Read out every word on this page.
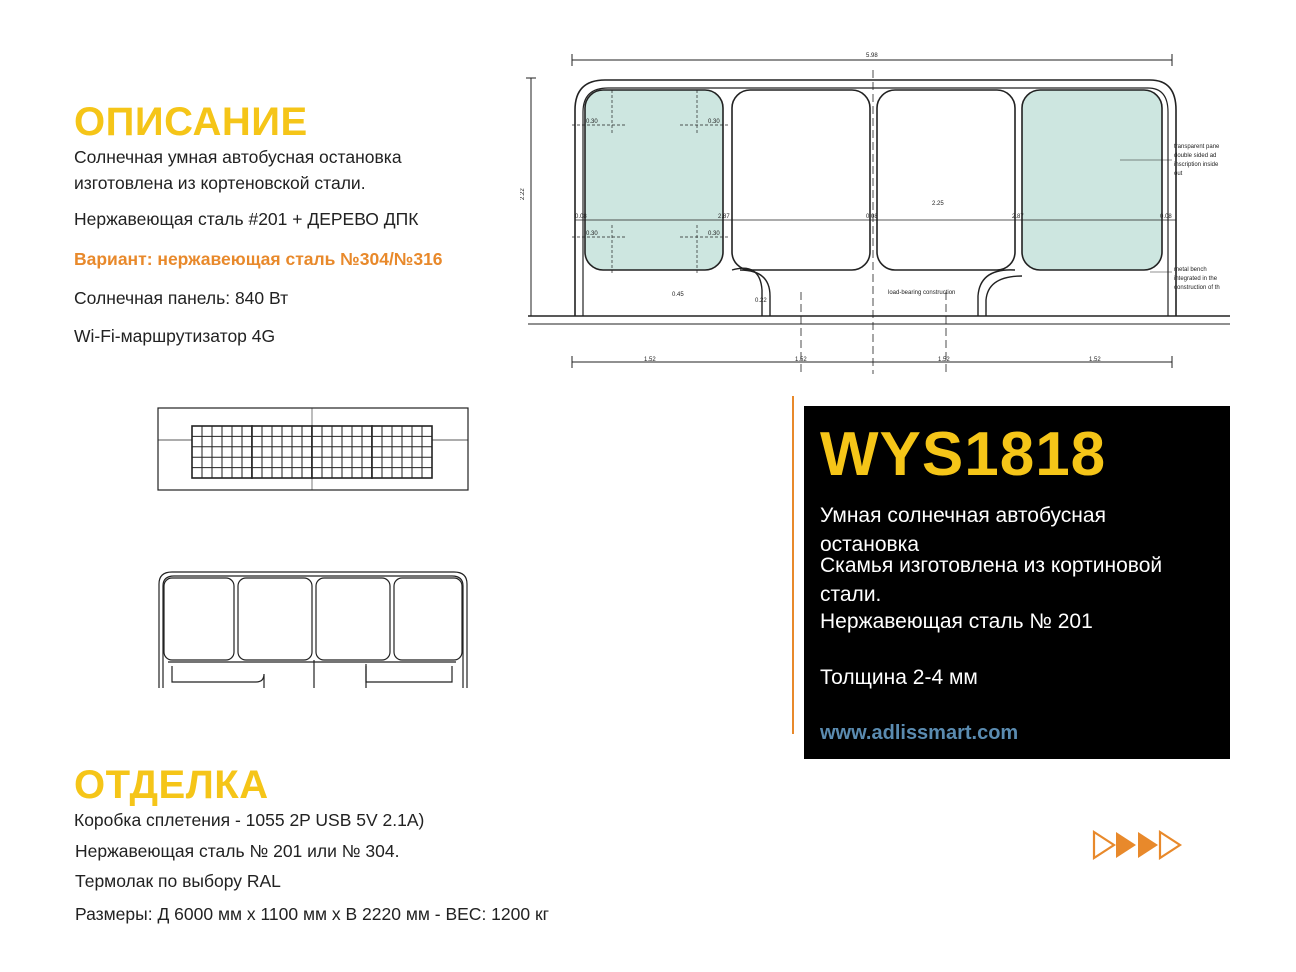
ОПИСАНИЕ
Солнечная умная автобусная остановка
изготовлена из кортеновской стали.
Нержавеющая сталь #201 + ДЕРЕВО ДПК
Вариант: нержавеющая сталь №304/№316
Солнечная панель: 840 Вт
Wi-Fi-маршрутизатор 4G
5.98
0.30	0.30
0.30	0.30
0.08	0.08	0.08
2.87	2.87
2.25
0.45
0.22
1.52	1.52	1.52	1.52
2.22
transparent pane
double sided ad
inscription inside
out
metal bench
integrated in the
construction of th
load-bearing construction
WYS1818
Умная солнечная автобусная
остановка
Скамья изготовлена из кортиновой
стали.
Нержавеющая сталь № 201
Толщина 2-4 мм
www.adlissmart.com
ОТДЕЛКА
Коробка сплетения - 1055 2P USB 5V 2.1A)
Нержавеющая сталь № 201 или № 304.
Термолак по выбору RAL
Размеры: Д 6000 мм x 1100 мм x В 2220 мм - ВЕС: 1200 кг
